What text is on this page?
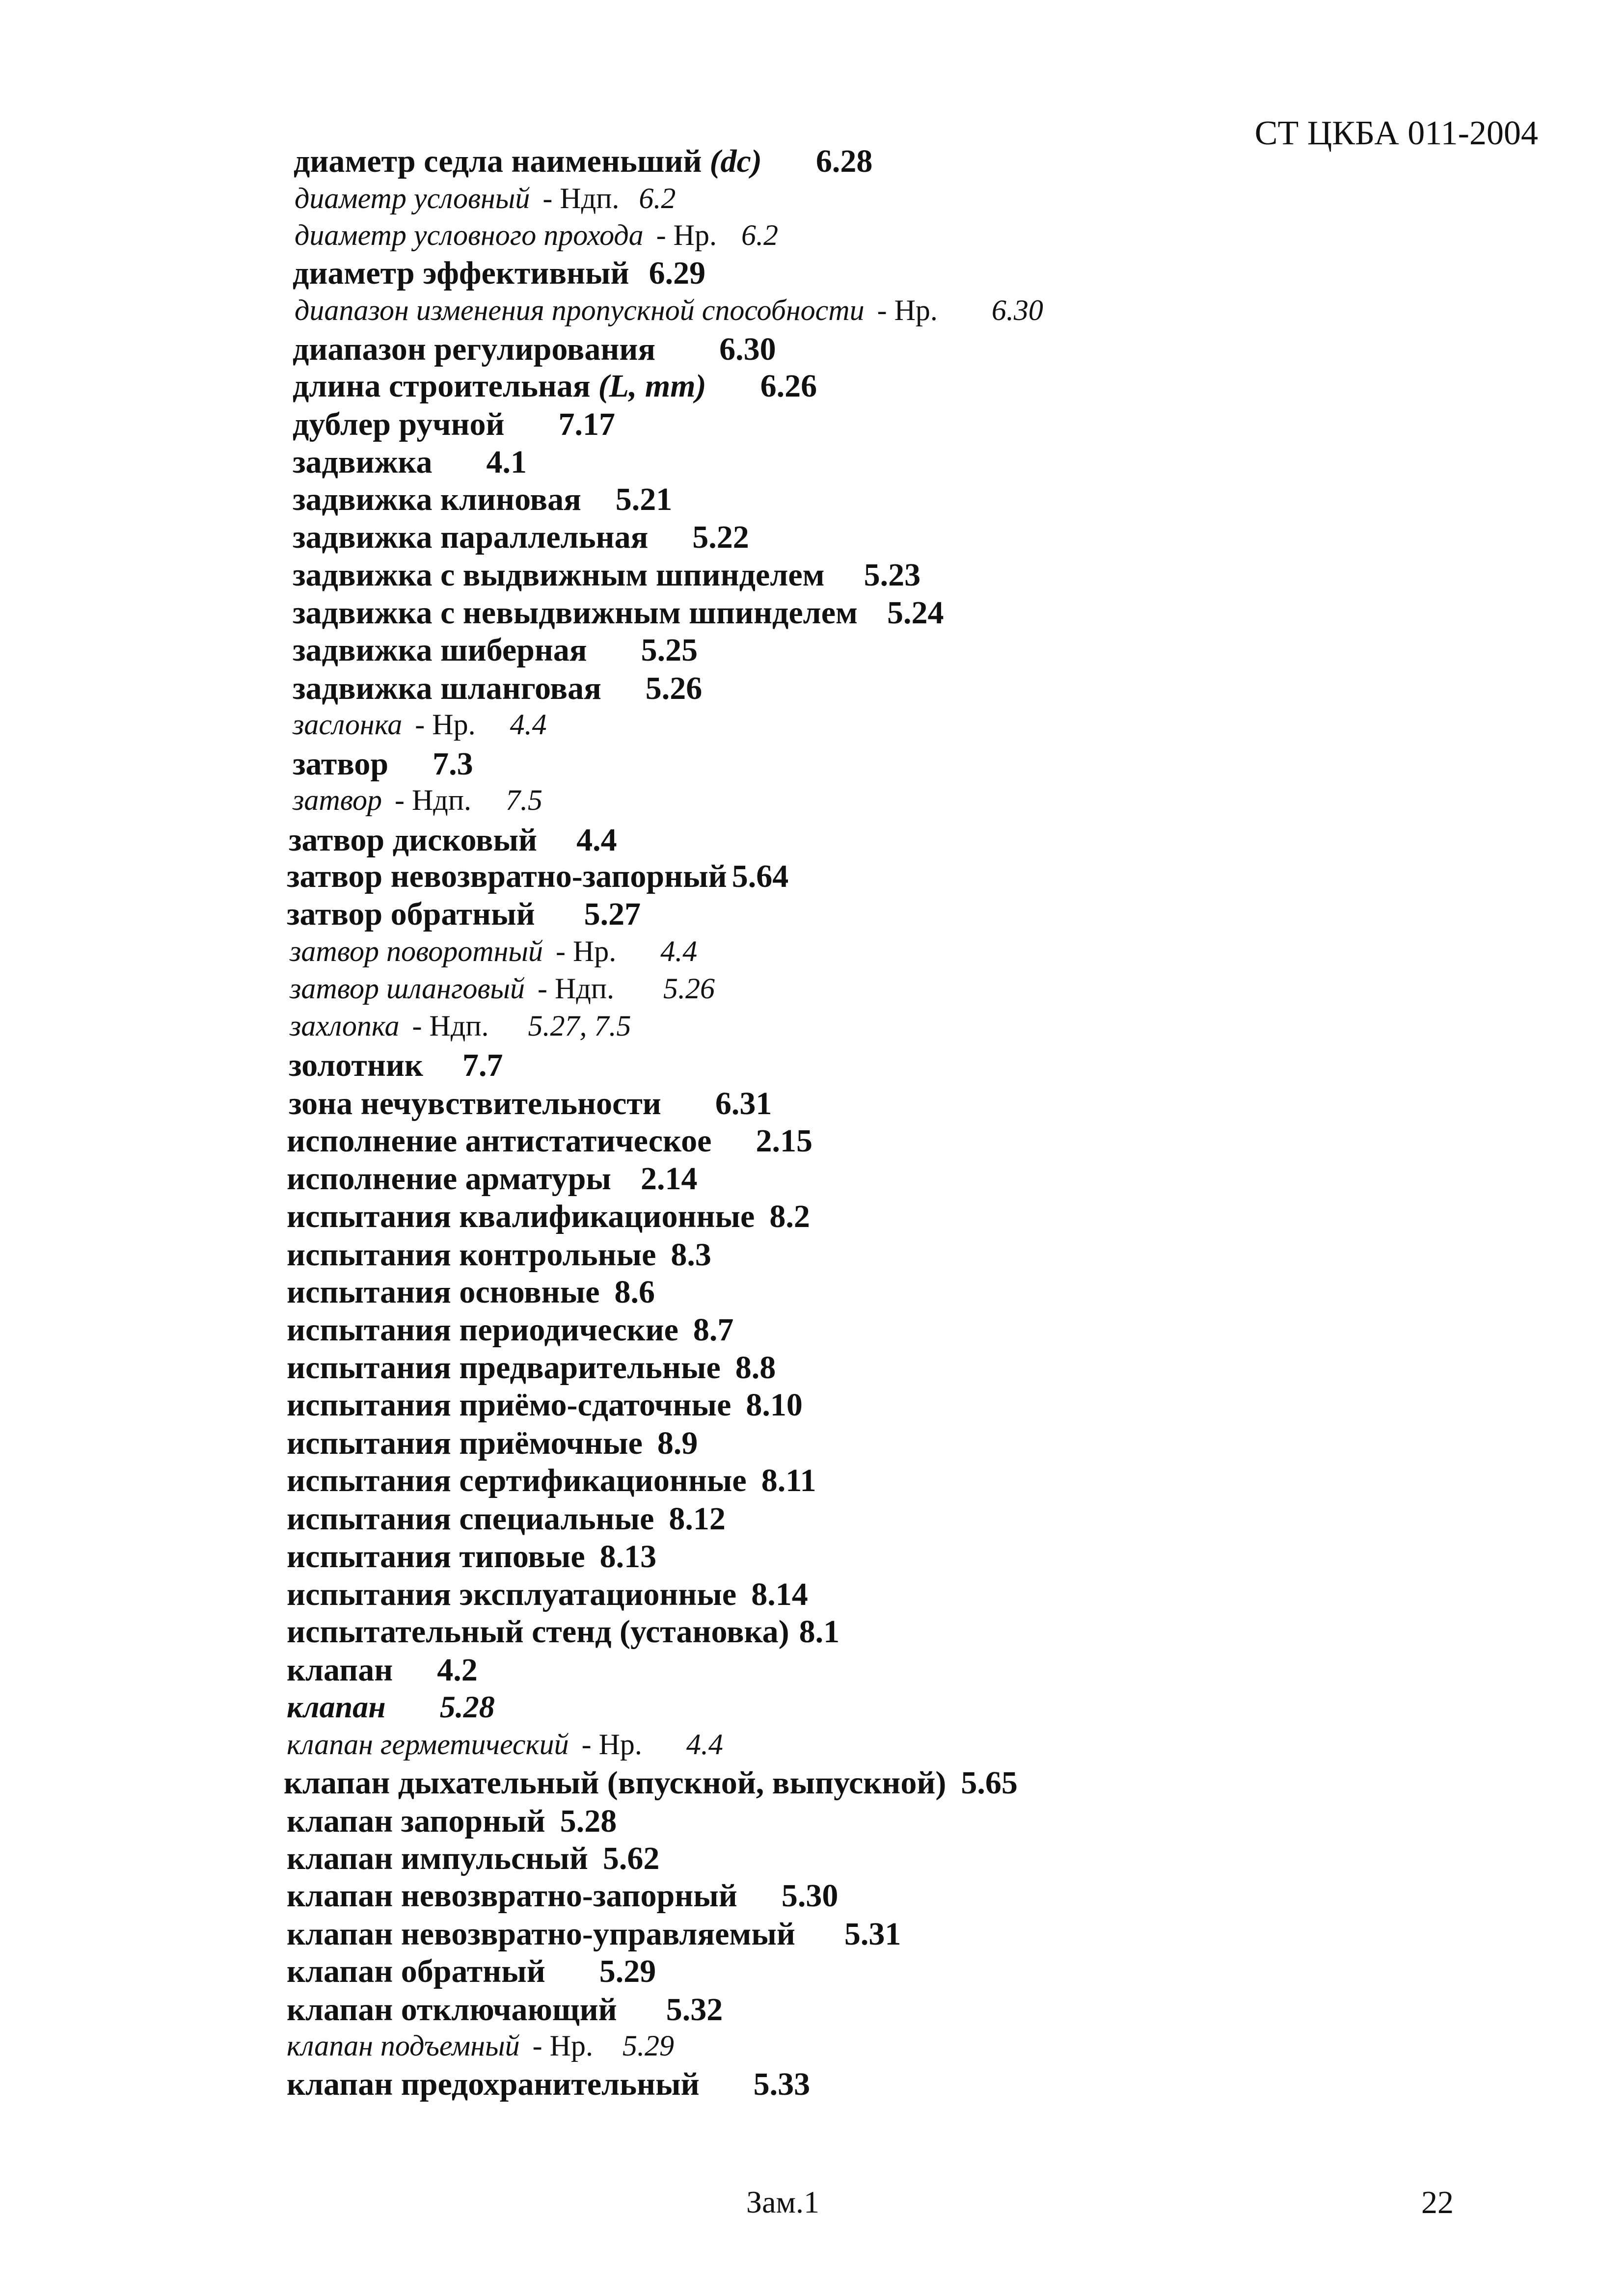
СТ ЦКБА 011-2004
диаметр седла наименьший (dc) 6.28
диаметр условный - Ндп. 6.2
диаметр условного прохода - Нр. 6.2
диаметр эффективный 6.29
диапазон изменения пропускной способности - Нр. 6.30
диапазон регулирования 6.30
длина строительная (L, mm) 6.26
дублер ручной 7.17
задвижка 4.1
задвижка клиновая 5.21
задвижка параллельная 5.22
задвижка с выдвижным шпинделем 5.23
задвижка с невыдвижным шпинделем 5.24
задвижка шиберная 5.25
задвижка шланговая 5.26
заслонка - Нр. 4.4
затвор 7.3
затвор - Ндп. 7.5
затвор дисковый 4.4
затвор невозвратно-запорный 5.64
затвор обратный 5.27
затвор поворотный - Нр. 4.4
затвор шланговый - Ндп. 5.26
захлопка - Ндп. 5.27, 7.5
золотник 7.7
зона нечувствительности 6.31
исполнение антистатическое 2.15
исполнение арматуры 2.14
испытания квалификационные 8.2
испытания контрольные 8.3
испытания основные 8.6
испытания периодические 8.7
испытания предварительные 8.8
испытания приёмо-сдаточные 8.10
испытания приёмочные 8.9
испытания сертификационные 8.11
испытания специальные 8.12
испытания типовые 8.13
испытания эксплуатационные 8.14
испытательный стенд (установка) 8.1
клапан 4.2
клапан 5.28
клапан герметический - Нр. 4.4
клапан дыхательный (впускной, выпускной) 5.65
клапан запорный 5.28
клапан импульсный 5.62
клапан невозвратно-запорный 5.30
клапан невозвратно-управляемый 5.31
клапан обратный 5.29
клапан отключающий 5.32
клапан подъемный - Нр. 5.29
клапан предохранительный 5.33
Зам.1	22
